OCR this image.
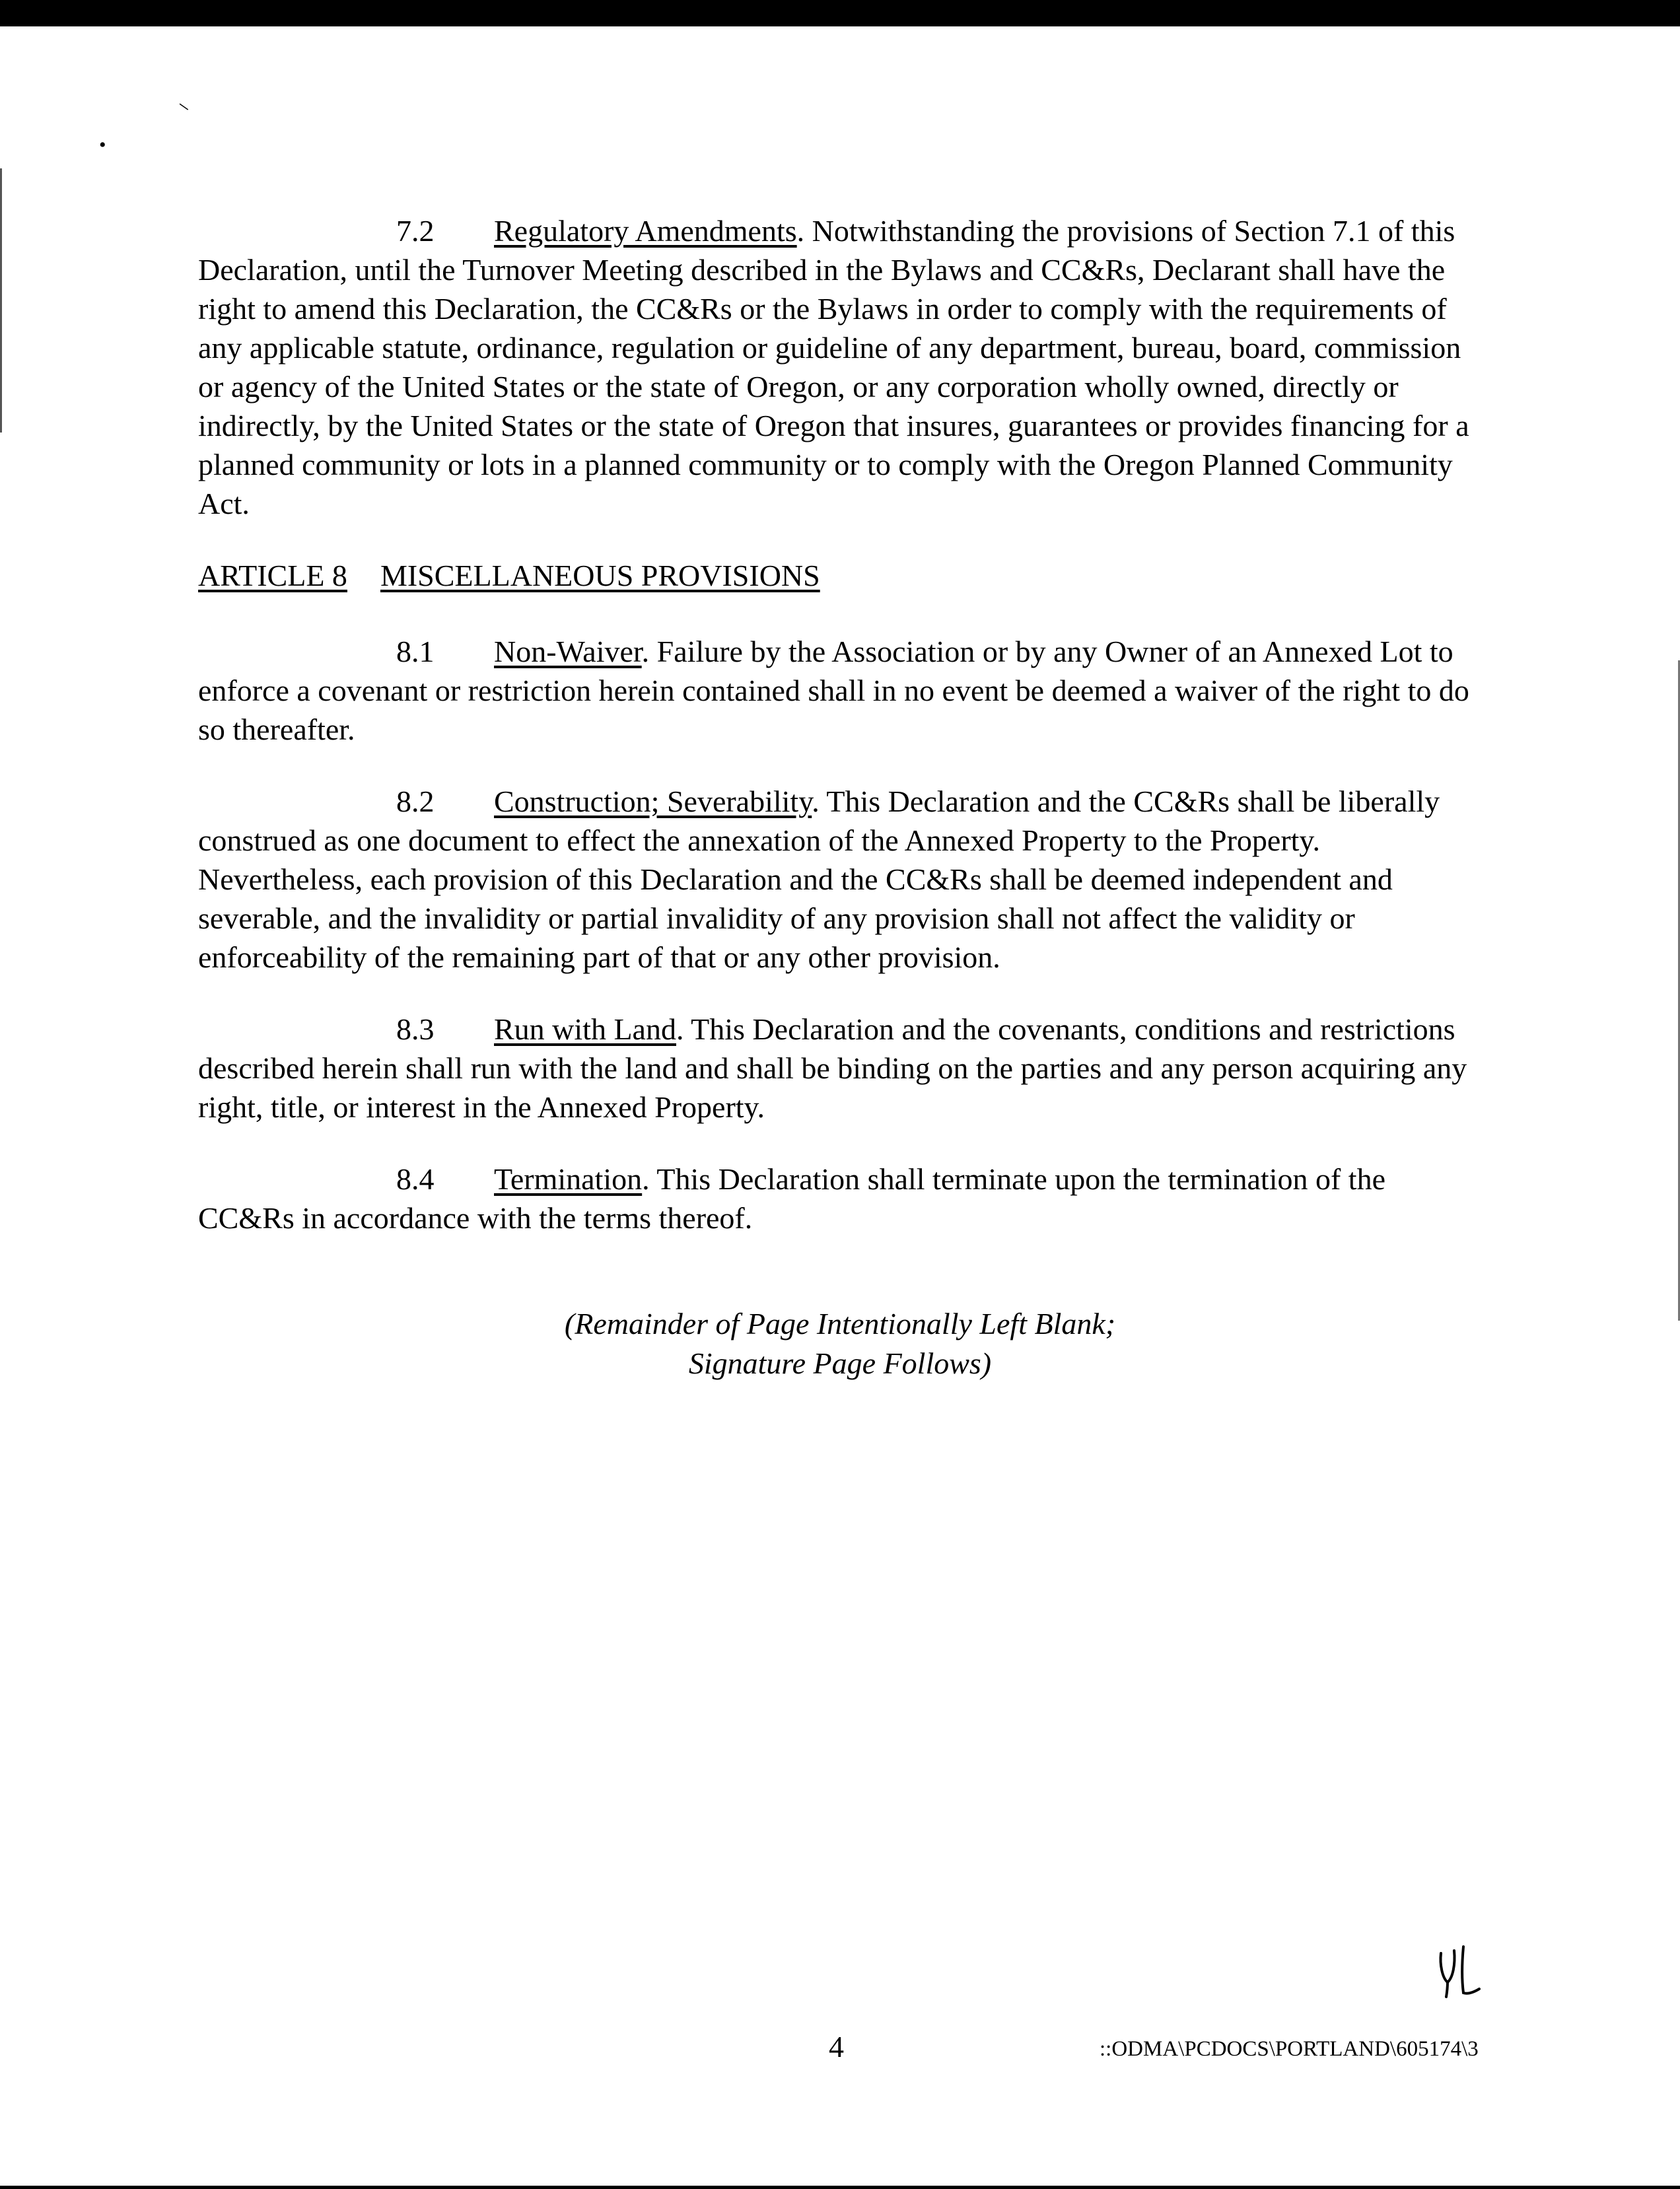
–
•

7.2 Regulatory Amendments. Notwithstanding the provisions of Section 7.1 of this Declaration, until the Turnover Meeting described in the Bylaws and CC&Rs, Declarant shall have the right to amend this Declaration, the CC&Rs or the Bylaws in order to comply with the requirements of any applicable statute, ordinance, regulation or guideline of any department, bureau, board, commission or agency of the United States or the state of Oregon, or any corporation wholly owned, directly or indirectly, by the United States or the state of Oregon that insures, guarantees or provides financing for a planned community or lots in a planned community or to comply with the Oregon Planned Community Act.

ARTICLE 8 MISCELLANEOUS PROVISIONS

8.1 Non-Waiver. Failure by the Association or by any Owner of an Annexed Lot to enforce a covenant or restriction herein contained shall in no event be deemed a waiver of the right to do so thereafter.

8.2 Construction; Severability. This Declaration and the CC&Rs shall be liberally construed as one document to effect the annexation of the Annexed Property to the Property. Nevertheless, each provision of this Declaration and the CC&Rs shall be deemed independent and severable, and the invalidity or partial invalidity of any provision shall not affect the validity or enforceability of the remaining part of that or any other provision.

8.3 Run with Land. This Declaration and the covenants, conditions and restrictions described herein shall run with the land and shall be binding on the parties and any person acquiring any right, title, or interest in the Annexed Property.

8.4 Termination. This Declaration shall terminate upon the termination of the CC&Rs in accordance with the terms thereof.

(Remainder of Page Intentionally Left Blank;
Signature Page Follows)
4	::ODMA\PCDOCS\PORTLAND\605174\3
